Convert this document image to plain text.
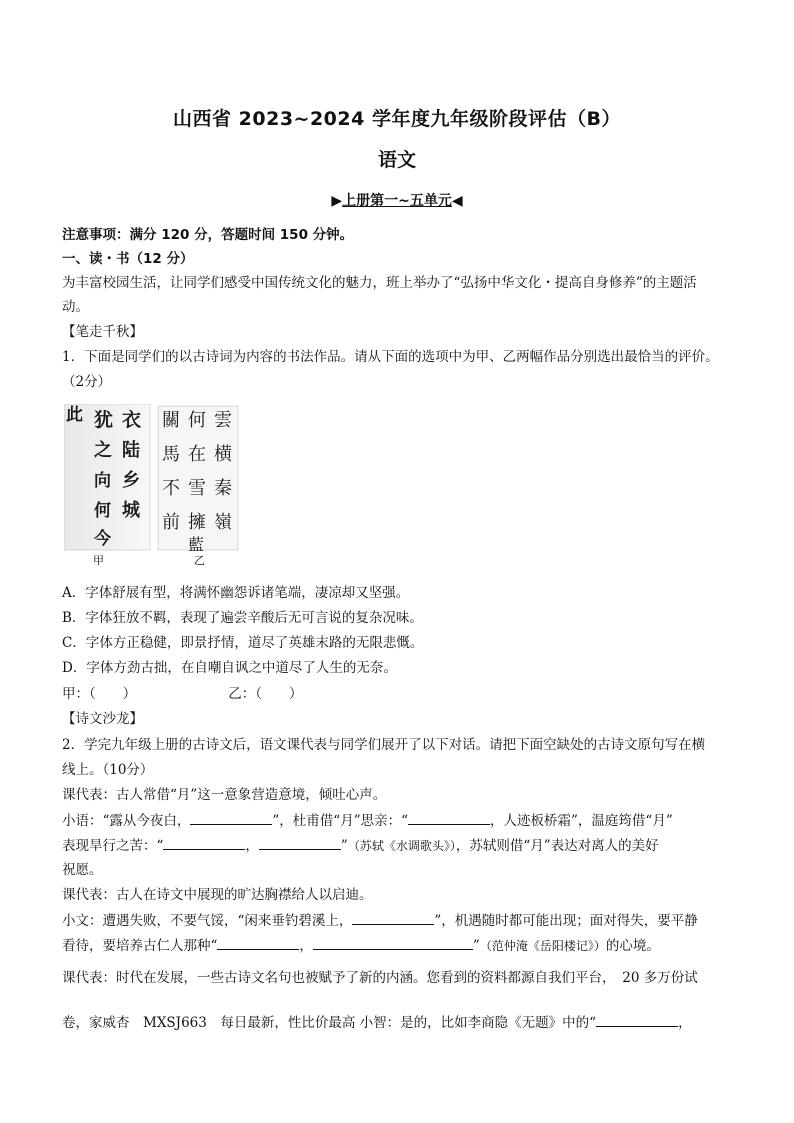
山西省 2023~2024 学年度九年级阶段评估（B）
语文
▶上册第一~五单元◀
注意事项：满分 120 分，答题时间 150 分钟。
一、读・书（12 分）
为丰富校园生活，让同学们感受中国传统文化的魅力，班上举办了“弘扬中华文化・提高自身修养”的主题活
动。
【笔走千秋】
1．下面是同学们的以古诗词为内容的书法作品。请从下面的选项中为甲、乙两幅作品分别选出最恰当的评价。
（2分）
此 犹 衣
之 陆
向 乡
何 城
今
關 何 雲
馬 在 横
不 雪 秦
前 擁 嶺
藍
甲	乙
A．字体舒展有型，将满怀幽怨诉诸笔端，凄凉却又坚强。
B．字体狂放不羁，表现了遍尝辛酸后无可言说的复杂况味。
C．字体方正稳健，即景抒情，道尽了英雄末路的无限悲慨。
D．字体方劲古拙，在自嘲自讽之中道尽了人生的无奈。
甲：（　　）	乙：（　　）
【诗文沙龙】
2．学完九年级上册的古诗文后，语文课代表与同学们展开了以下对话。请把下面空缺处的古诗文原句写在横
线上。（10分）
课代表：古人常借“月”这一意象营造意境，倾吐心声。
小语：“露从今夜白，	”，杜甫借“月”思亲：“	，人迹板桥霜”，温庭筠借“月”
表现旱行之苦：“	，	”（苏轼《水调歌头》），苏轼则借“月”表达对离人的美好
祝愿。
课代表：古人在诗文中展现的旷达胸襟给人以启迪。
小文：遭遇失败，不要气馁，“闲来垂钓碧溪上，	”，机遇随时都可能出现；面对得失，要平静
看待，要培养古仁人那种“	，	”（范仲淹《岳阳楼记》）的心境。
课代表：时代在发展，一些古诗文名句也被赋予了新的内涵。您看到的资料都源自我们平台，　20 多万份试
卷，家威杏　MXSJ663　每日最新，性比价最高 小智：是的，比如李商隐《无题》中的“	，
